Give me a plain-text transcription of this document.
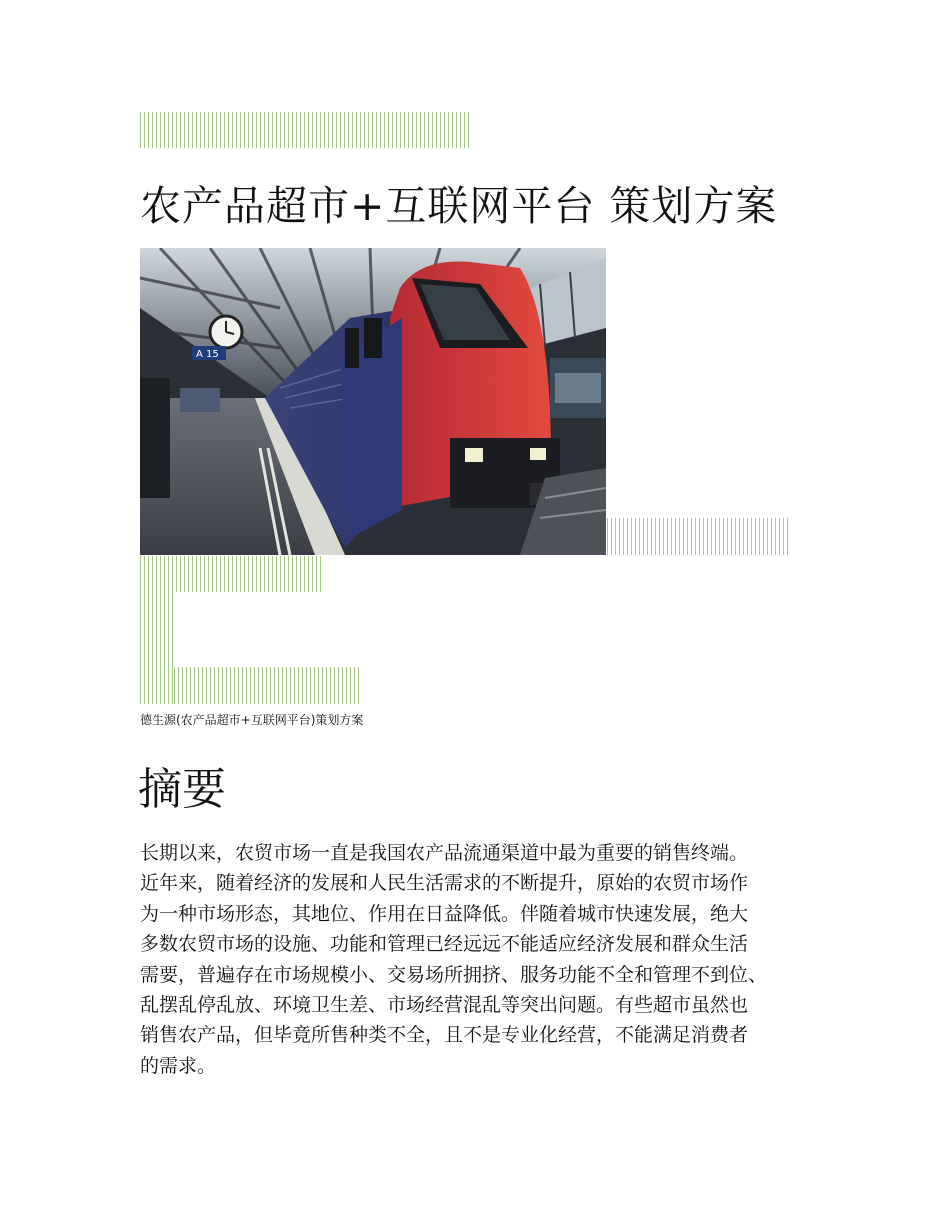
农产品超市+互联网平台 策划方案
A 15
德生源(农产品超市+互联网平台)策划方案
摘要

长期以来，农贸市场一直是我国农产品流通渠道中最为重要的销售终端。
近年来，随着经济的发展和人民生活需求的不断提升，原始的农贸市场作
为一种市场形态，其地位、作用在日益降低。伴随着城市快速发展，绝大
多数农贸市场的设施、功能和管理已经远远不能适应经济发展和群众生活
需要，普遍存在市场规模小、交易场所拥挤、服务功能不全和管理不到位、
乱摆乱停乱放、环境卫生差、市场经营混乱等突出问题。有些超市虽然也
销售农产品，但毕竟所售种类不全，且不是专业化经营，不能满足消费者
的需求。
